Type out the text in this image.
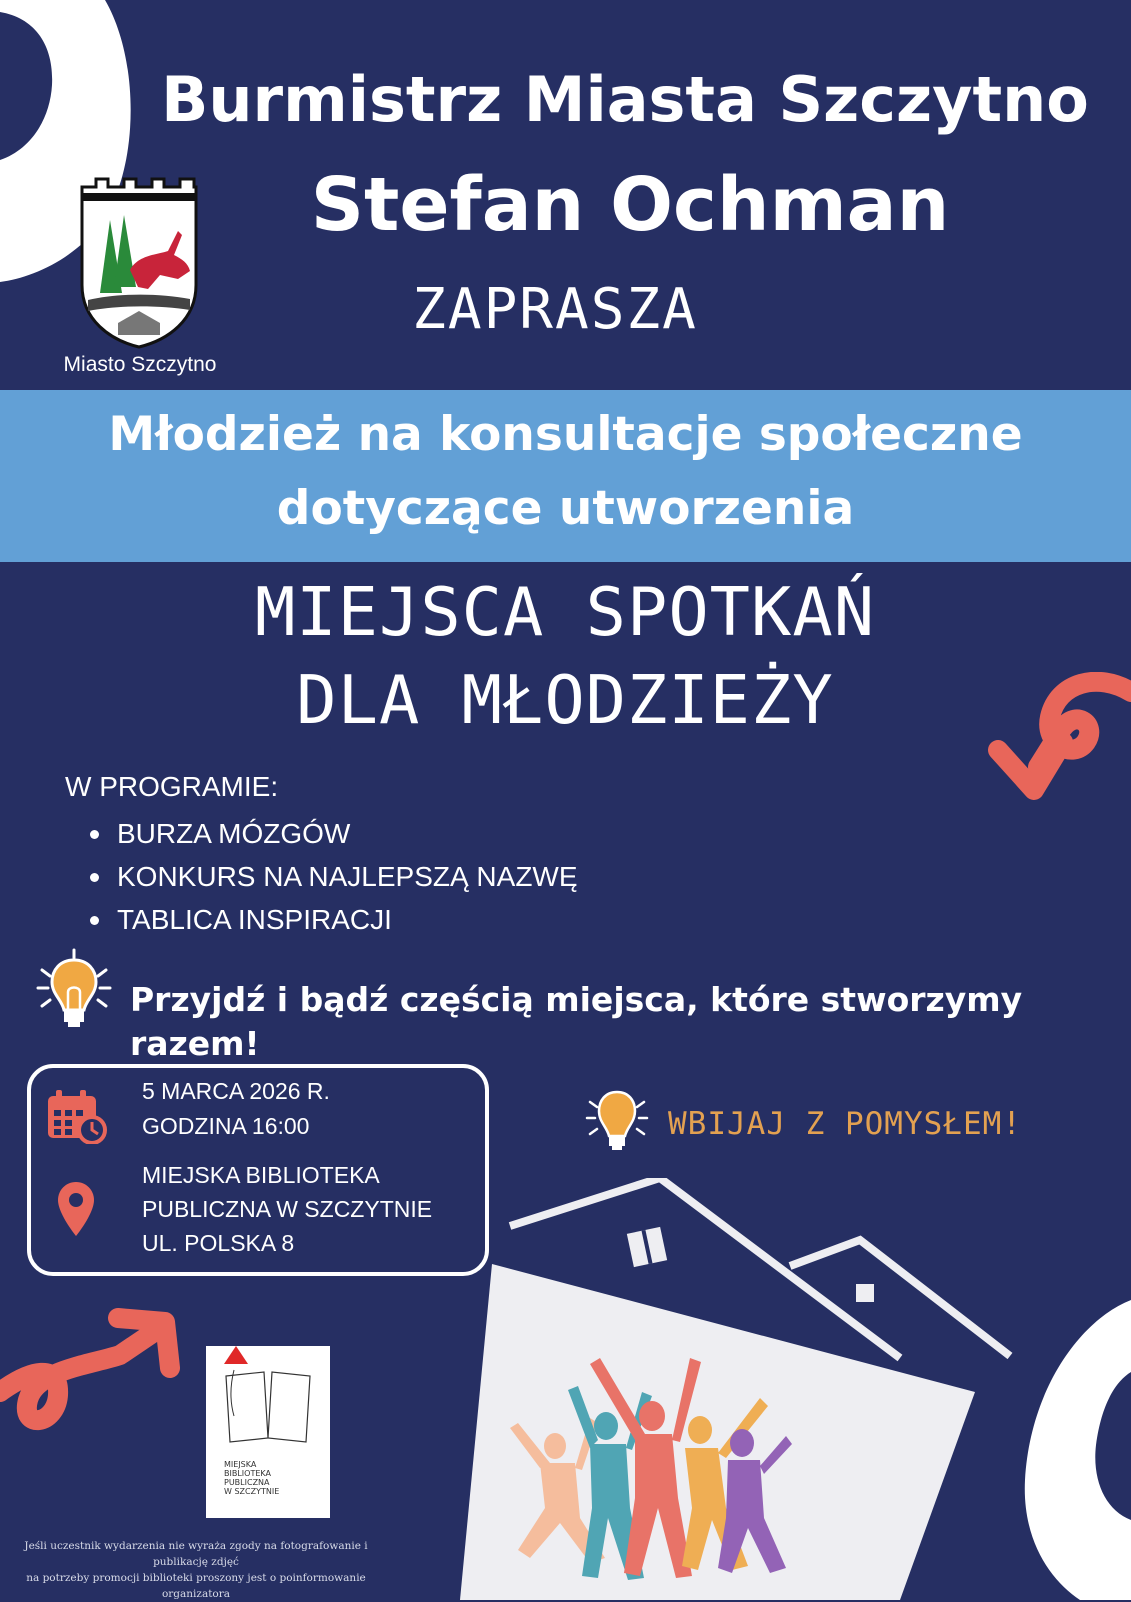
Burmistrz Miasta Szczytno
Stefan Ochman
ZAPRASZA
Miasto Szczytno
Młodzież na konsultacje społeczne
dotyczące utworzenia
MIEJSCA SPOTKAŃ
DLA MŁODZIEŻY
W PROGRAMIE:
BURZA MÓZGÓW
KONKURS NA NAJLEPSZĄ NAZWĘ
TABLICA INSPIRACJI
Przyjdź i bądź częścią miejsca, które stworzymy razem!
5 MARCA 2026 R.
GODZINA 16:00
MIEJSKA BIBLIOTEKA
PUBLICZNA W SZCZYTNIE
UL. POLSKA 8
WBIJAJ Z POMYSŁEM!
MIEJSKA
BIBLIOTEKA
PUBLICZNA
W SZCZYTNIE
Jeśli uczestnik wydarzenia nie wyraża zgody na fotografowanie i publikację zdjęć
na potrzeby promocji biblioteki proszony jest o poinformowanie organizatora
